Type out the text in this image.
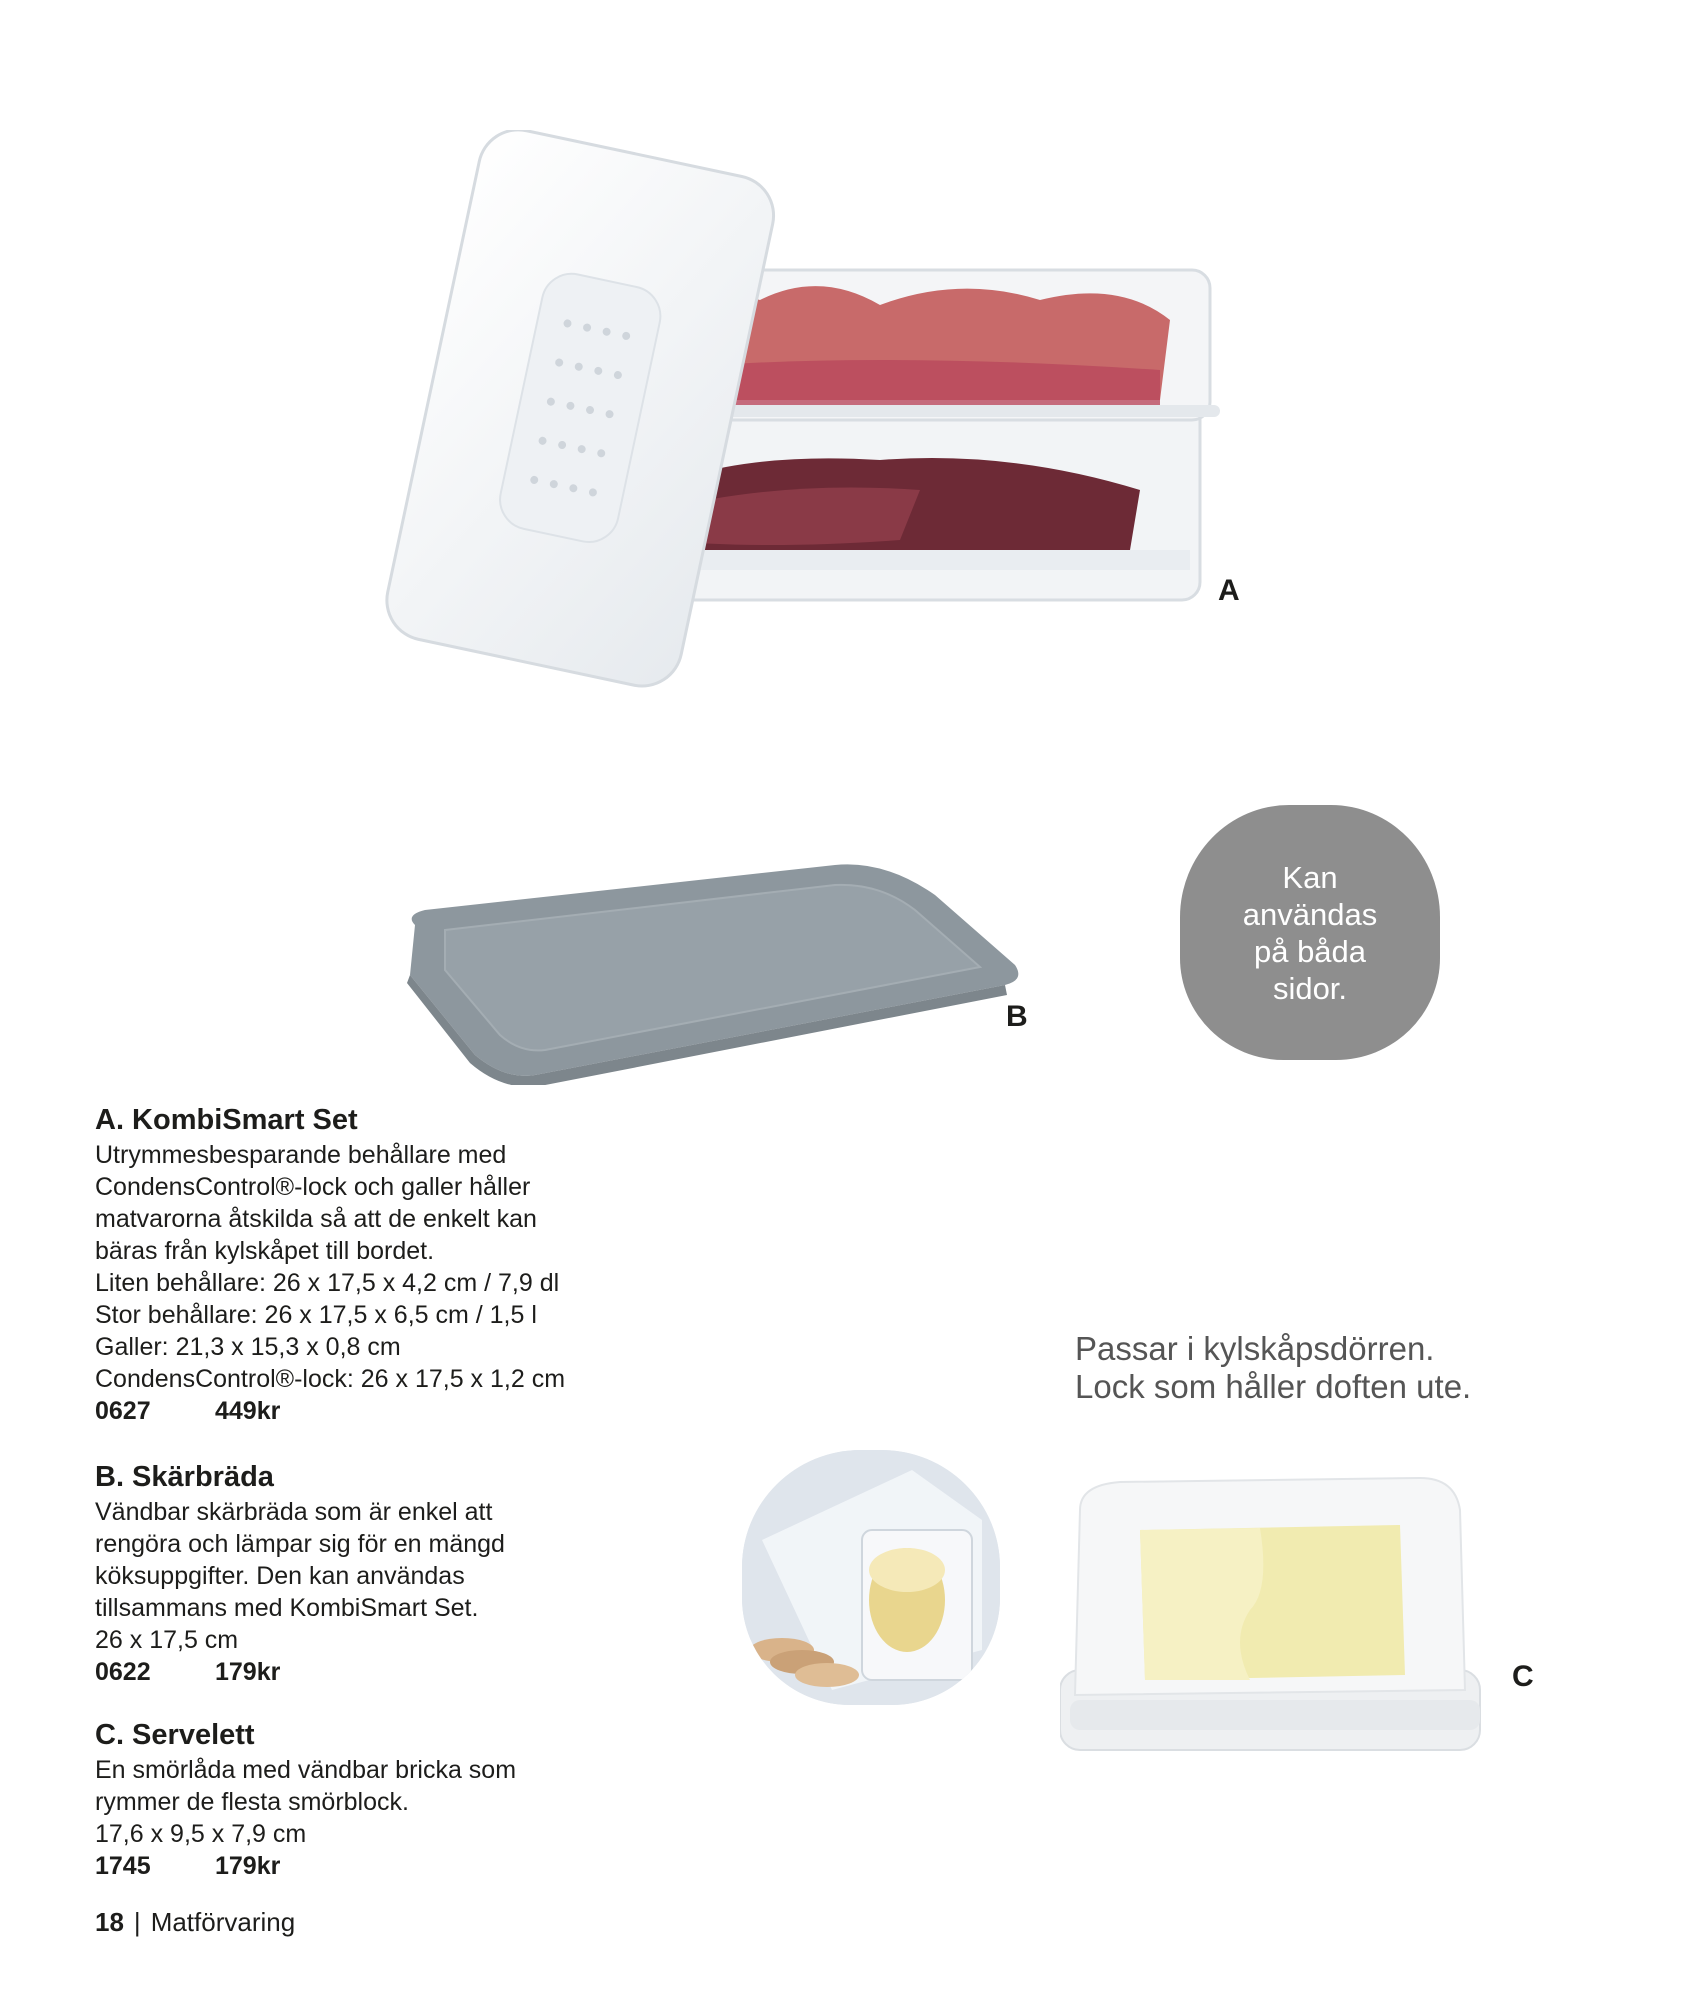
A
B
Kan
användas
på båda
sidor.
Passar i kylskåpsdörren.
Lock som håller doften ute.
C
A. KombiSmart Set
Utrymmesbesparande behållare med
CondensControl®-lock och galler håller
matvarorna åtskilda så att de enkelt kan
bäras från kylskåpet till bordet.
Liten behållare: 26 x 17,5 x 4,2 cm / 7,9 dl
Stor behållare: 26 x 17,5 x 6,5 cm / 1,5 l
Galler: 21,3 x 15,3 x 0,8 cm
CondensControl®-lock: 26 x 17,5 x 1,2 cm
0627	449kr
B. Skärbräda
Vändbar skärbräda som är enkel att
rengöra och lämpar sig för en mängd
köksuppgifter. Den kan användas
tillsammans med KombiSmart Set.
26 x 17,5 cm
0622	179kr
C. Servelett
En smörlåda med vändbar bricka som
rymmer de flesta smörblock.
17,6 x 9,5 x 7,9 cm
1745	179kr
18 | Matförvaring
